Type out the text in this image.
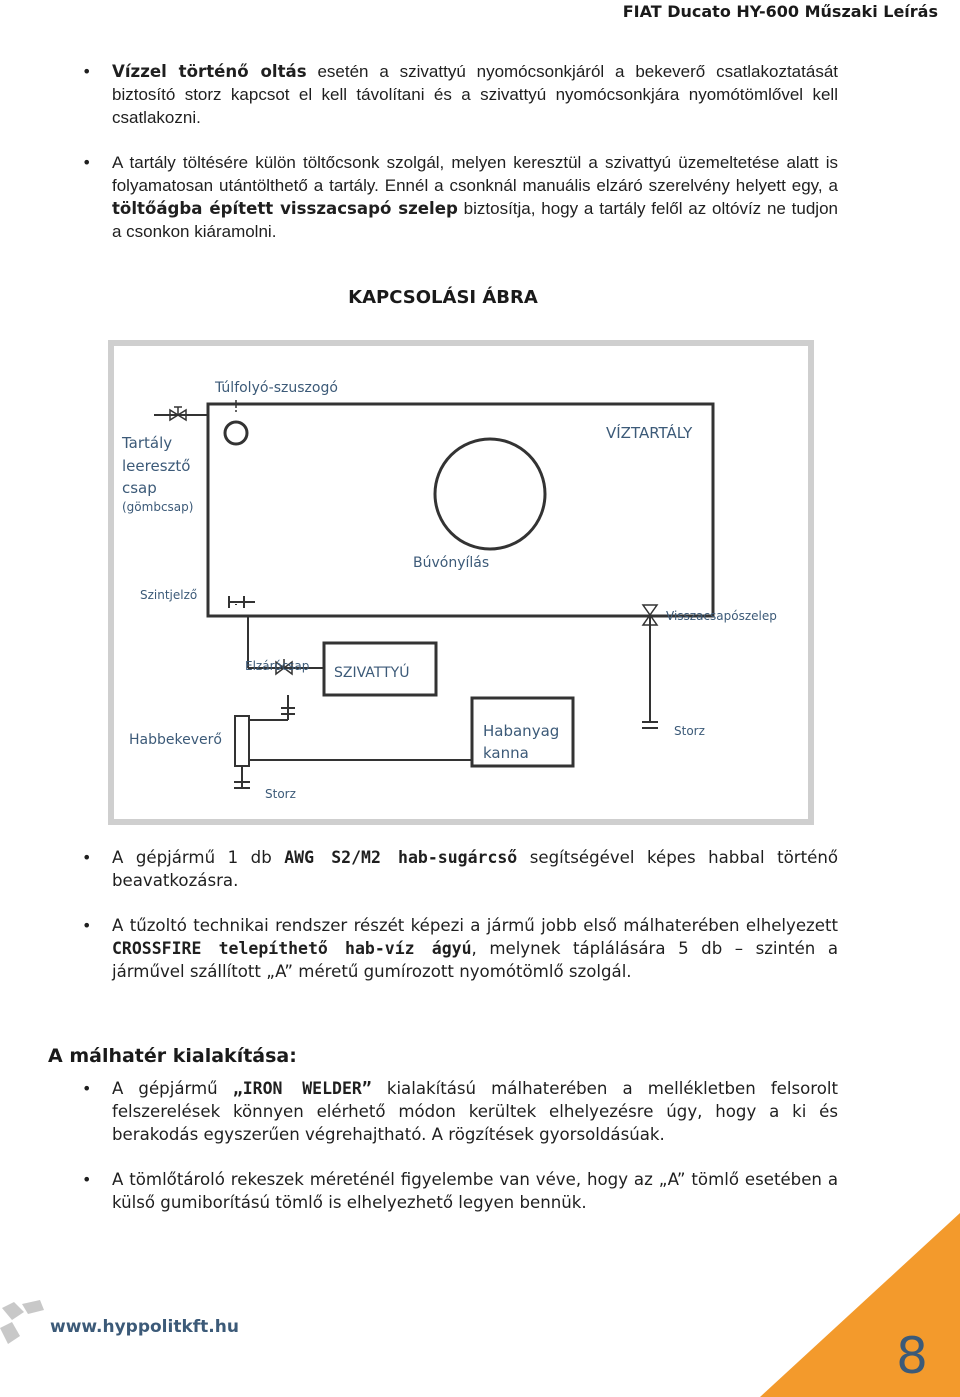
FIAT Ducato HY-600 Műszaki Leírás
• Vízzel történő oltás esetén a szivattyú nyomócsonkjáról a bekeverő csatlakoztatását biztosító storz kapcsot el kell távolítani és a szivattyú nyomócsonkjára nyomótömlővel kell csatlakozni.
• A tartály töltésére külön töltőcsonk szolgál, melyen keresztül a szivattyú üzemeltetése alatt is folyamatosan utántölthető a tartály. Ennél a csonknál manuális elzáró szerelvény helyett egy, a töltőágba épített visszacsapó szelep biztosítja, hogy a tartály felől az oltóvíz ne tudjon a csonkon kiáramolni.
KAPCSOLÁSI ÁBRA
Túlfolyó-szuszogó
VÍZTARTÁLY
Tartály
leeresztő
csap
(gömbcsap)
Búvónyílás
Szintjelző
Visszacsapószelep
Elzárócsap SZIVATTYÚ
Habbekeverő	Habanyag
kanna
Storz
Storz
• A gépjármű 1 db AWG S2/M2 hab-sugárcső segítségével képes habbal történő beavatkozásra.
• A tűzoltó technikai rendszer részét képezi a jármű jobb első málhaterében elhelyezett CROSSFIRE telepíthető hab-víz ágyú, melynek táplálására 5 db – szintén a járművel szállított „A” méretű gumírozott nyomótömlő szolgál.
A málhatér kialakítása:
• A gépjármű „IRON WELDER” kialakítású málhaterében a mellékletben felsorolt felszerelések könnyen elérhető módon kerültek elhelyezésre úgy, hogy a ki és berakodás egyszerűen végrehajtható. A rögzítések gyorsoldásúak.
• A tömlőtároló rekeszek méreténél figyelembe van véve, hogy az „A” tömlő esetében a külső gumiborítású tömlő is elhelyezhető legyen bennük.
www.hyppolitkft.hu	8
